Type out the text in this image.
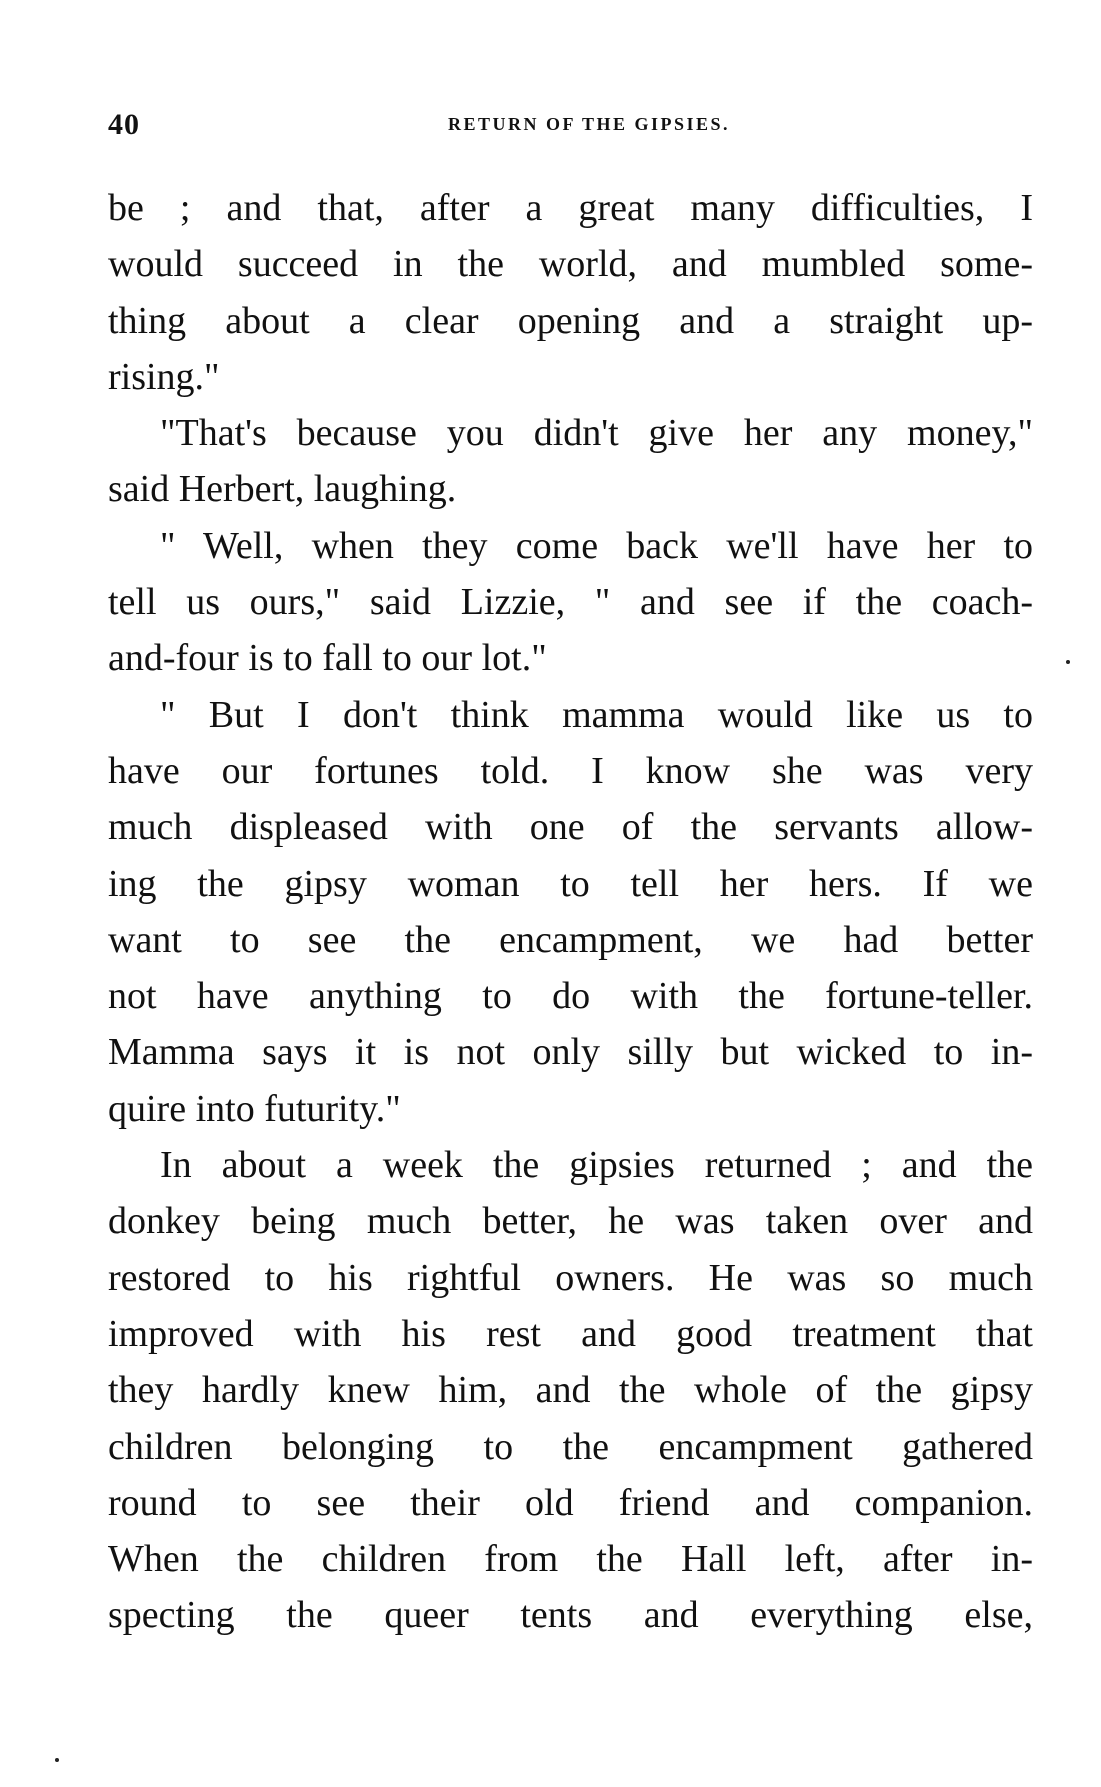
40	RETURN OF THE GIPSIES.
be ; and that, after a great many difficulties, I
would succeed in the world, and mumbled some-
thing about a clear opening and a straight up-
rising."
"That's because you didn't give her any money,"
said Herbert, laughing.
" Well, when they come back we'll have her to
tell us ours," said Lizzie, " and see if the coach-
and-four is to fall to our lot."
" But I don't think mamma would like us to
have our fortunes told. I know she was very
much displeased with one of the servants allow-
ing the gipsy woman to tell her hers. If we
want to see the encampment, we had better
not have anything to do with the fortune-teller.
Mamma says it is not only silly but wicked to in-
quire into futurity."
In about a week the gipsies returned ; and the
donkey being much better, he was taken over and
restored to his rightful owners. He was so much
improved with his rest and good treatment that
they hardly knew him, and the whole of the gipsy
children belonging to the encampment gathered
round to see their old friend and companion.
When the children from the Hall left, after in-
specting the queer tents and everything else,
